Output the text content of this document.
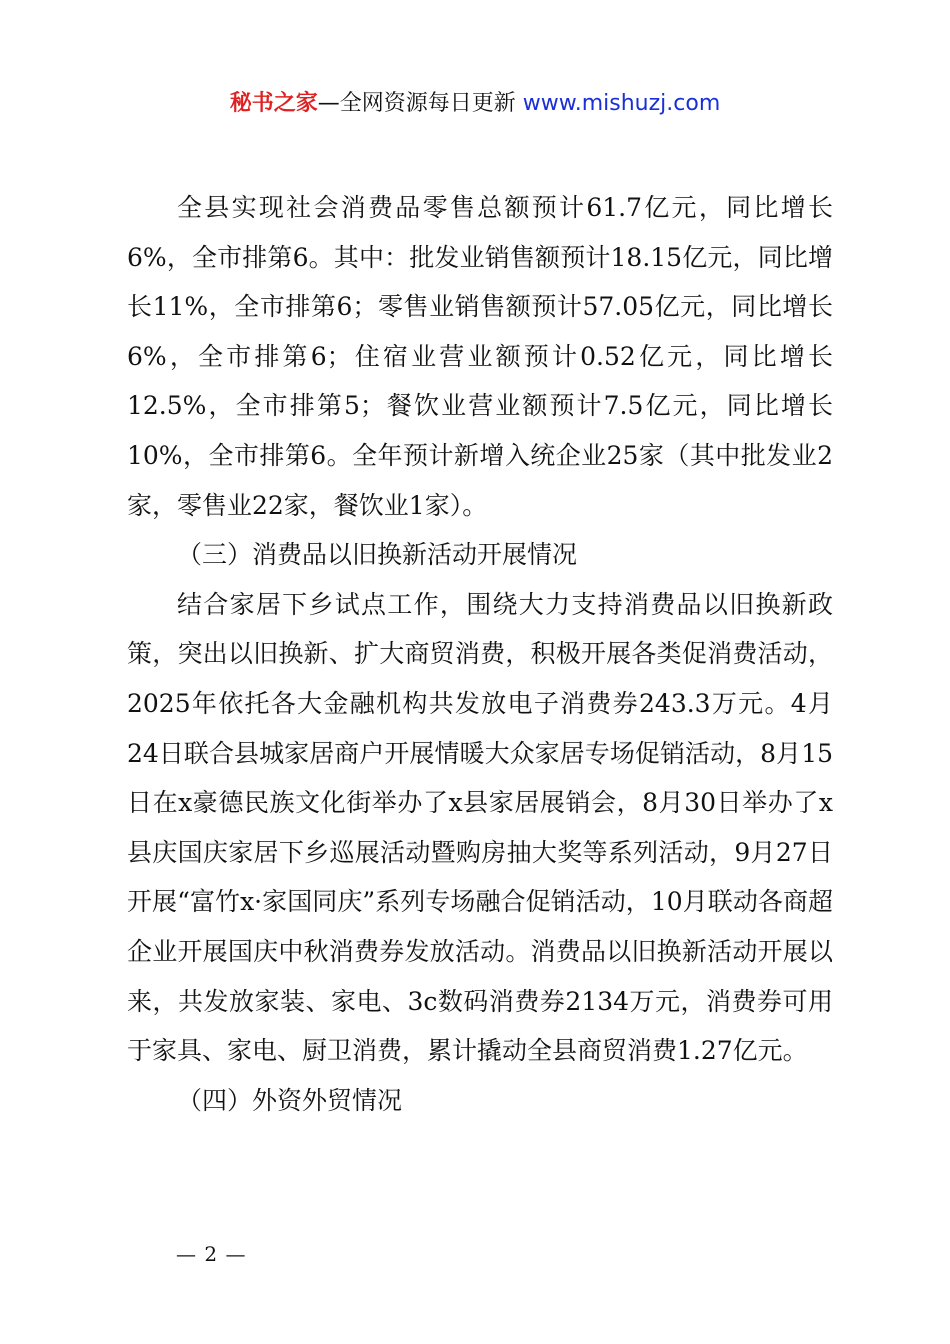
秘书之家—全网资源每日更新 www.mishuzj.com

全县实现社会消费品零售总额预计61.7亿元，同比增长6%，全市排第6。其中：批发业销售额预计18.15亿元，同比增长11%，全市排第6；零售业销售额预计57.05亿元，同比增长6%，全市排第6；住宿业营业额预计0.52亿元，同比增长12.5%，全市排第5；餐饮业营业额预计7.5亿元，同比增长10%，全市排第6。全年预计新增入统企业25家（其中批发业2家，零售业22家，餐饮业1家）。

（三）消费品以旧换新活动开展情况

结合家居下乡试点工作，围绕大力支持消费品以旧换新政策，突出以旧换新、扩大商贸消费，积极开展各类促消费活动，2025年依托各大金融机构共发放电子消费券243.3万元。4月24日联合县城家居商户开展情暖大众家居专场促销活动，8月15日在x豪德民族文化街举办了x县家居展销会，8月30日举办了x县庆国庆家居下乡巡展活动暨购房抽大奖等系列活动，9月27日开展“富竹x·家国同庆”系列专场融合促销活动，10月联动各商超企业开展国庆中秋消费券发放活动。消费品以旧换新活动开展以来，共发放家装、家电、3c数码消费券2134万元，消费券可用于家具、家电、厨卫消费，累计撬动全县商贸消费1.27亿元。

（四）外资外贸情况

— 2 —
